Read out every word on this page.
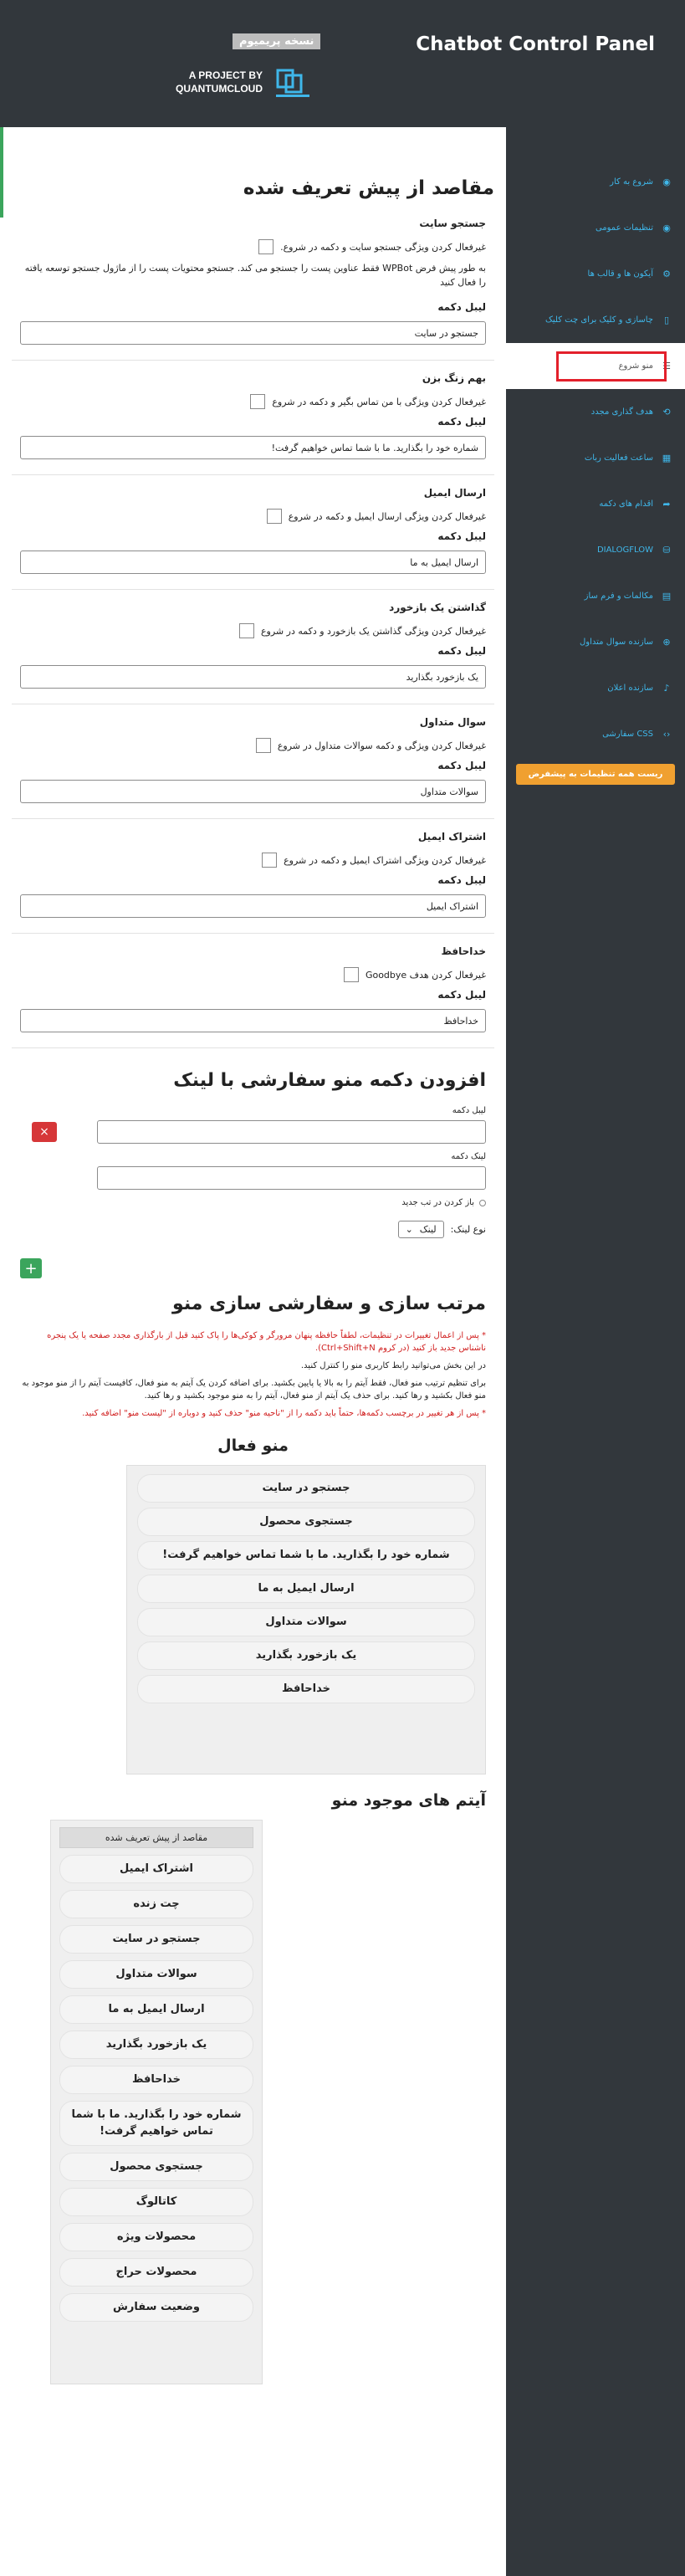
Chatbot Control Panel
نسخه پریمیوم
A PROJECT BY
QUANTUMCLOUD
◉
شروع به کار
◉
تنظیمات عمومی
⚙
آیکون ها و قالب ها
▯
چاسازی و کلیک برای چت کلیک
☰
منو شروع
⟲
هدف گذاری مجدد
▦
ساعت فعالیت ربات
➦
اقدام های دکمه
⛁
DIALOGFLOW
▤
مکالمات و فرم ساز
⊕
سازنده سوال متداول
♪
سازنده اعلان
‹›
CSS سفارشی
ریست همه تنظیمات به پیشفرض
مقاصد از پیش تعریف شده
جستجو سایت
غیرفعال کردن ویژگی جستجو سایت و دکمه در شروع.
به طور پیش فرض WPBot فقط عناوین پست را جستجو می کند. جستجو محتویات پست را از ماژول جستجو توسعه یافته را فعال کنید
لیبل دکمه
جستجو در سایت
بهم زنگ بزن
غیرفعال کردن ویژگی با من تماس بگیر و دکمه در شروع
لیبل دکمه
شماره خود را بگذارید. ما با شما تماس خواهیم گرفت!
ارسال ایمیل
غیرفعال کردن ویژگی ارسال ایمیل و دکمه در شروع
لیبل دکمه
ارسال ایمیل به ما
گذاشتن یک بازخورد
غیرفعال کردن ویژگی گذاشتن یک بازخورد و دکمه در شروع
لیبل دکمه
یک بازخورد بگذارید
سوال متداول
غیرفعال کردن ویژگی و دکمه سوالات متداول در شروع
لیبل دکمه
سوالات متداول
اشتراک ایمیل
غیرفعال کردن ویژگی اشتراک ایمیل و دکمه در شروع
لیبل دکمه
اشتراک ایمیل
خداحافظ
غیرفعال کردن هدف Goodbye
لیبل دکمه
خداحافظ
افزودن دکمه منو سفارشی با لینک
لیبل دکمه
×
لینک دکمه
باز کردن در تب جدید
نوع لینک:
لینک
⌄
+
مرتب سازی و سفارشی سازی منو
* پس از اعمال تغییرات در تنظیمات، لطفاً حافظه پنهان مرورگر و کوکی‌ها را پاک کنید قبل از بارگذاری مجدد صفحه یا یک پنجره ناشناس جدید باز کنید (در کروم Ctrl+Shift+N).
در این بخش می‌توانید رابط کاربری منو را کنترل کنید.
برای تنظیم ترتیب منو فعال، فقط آیتم را به بالا یا پایین بکشید. برای اضافه کردن یک آیتم به منو فعال، کافیست آیتم را از منو موجود به منو فعال بکشید و رها کنید. برای حذف یک آیتم از منو فعال، آیتم را به منو موجود بکشید و رها کنید.
* پس از هر تغییر در برچسب دکمه‌ها، حتماً باید دکمه را از "ناحیه منو" حذف کنید و دوباره از "لیست منو" اضافه کنید.
منو فعال
جستجو در سایت
جستجوی محصول
شماره خود را بگذارید. ما با شما تماس خواهیم گرفت!
ارسال ایمیل به ما
سوالات متداول
یک بازخورد بگذارید
خداحافظ
آیتم های موجود منو
مقاصد از پیش تعریف شده
اشتراک ایمیل
چت زنده
جستجو در سایت
سوالات متداول
ارسال ایمیل به ما
یک بازخورد بگذارید
خداحافظ
شماره خود را بگذارید. ما با شما تماس خواهیم گرفت!
جستجوی محصول
کاتالوگ
محصولات ویژه
محصولات حراج
وضعیت سفارش
